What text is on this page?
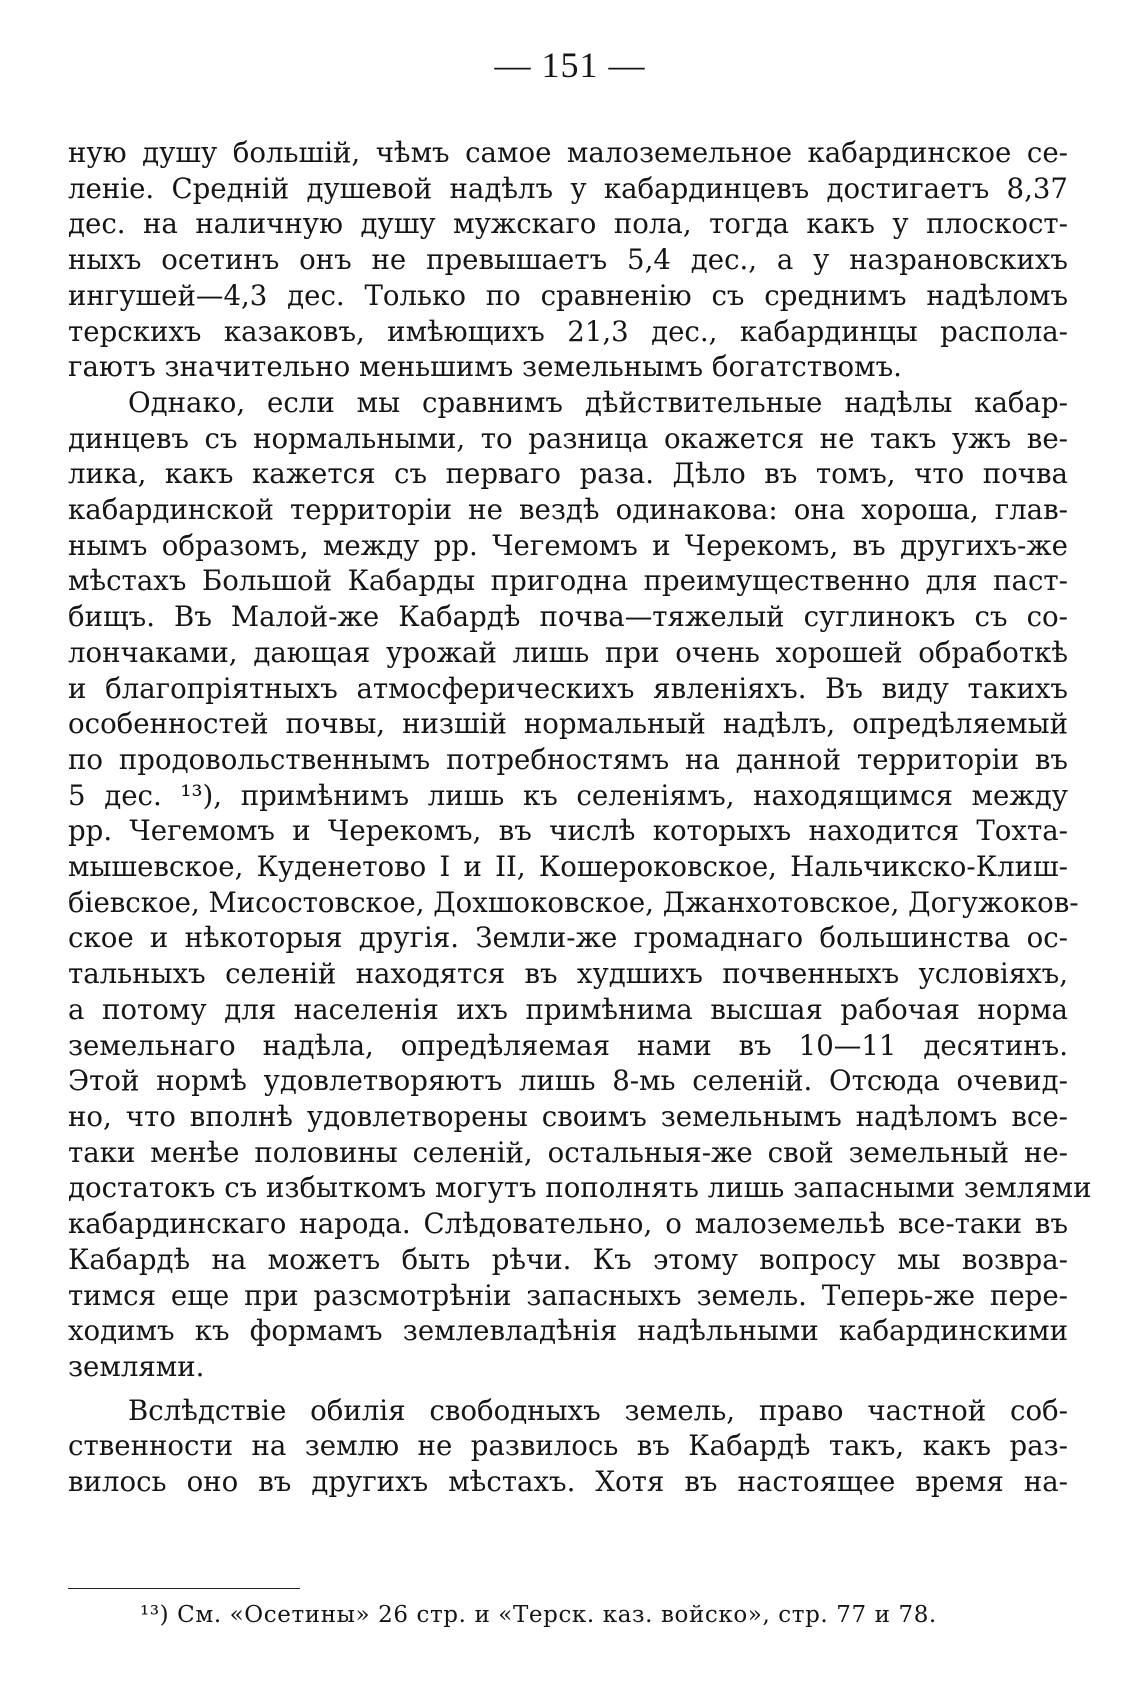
— 151 —
ную душу большій, чѣмъ самое малоземельное кабардинское се-
леніе. Средній душевой надѣлъ у кабардинцевъ достигаетъ 8,37
дес. на наличную душу мужскаго пола, тогда какъ у плоскост-
ныхъ осетинъ онъ не превышаетъ 5,4 дес., а у назрановскихъ
ингушей—4,3 дес. Только по сравненію съ среднимъ надѣломъ
терскихъ казаковъ, имѣющихъ 21,3 дес., кабардинцы распола-
гаютъ значительно меньшимъ земельнымъ богатствомъ.
Однако, если мы сравнимъ дѣйствительные надѣлы кабар-
динцевъ съ нормальными, то разница окажется не такъ ужъ ве-
лика, какъ кажется съ перваго раза. Дѣло въ томъ, что почва
кабардинской территоріи не вездѣ одинакова: она хороша, глав-
нымъ образомъ, между рр. Чегемомъ и Черекомъ, въ другихъ-же
мѣстахъ Большой Кабарды пригодна преимущественно для паст-
бищъ. Въ Малой-же Кабардѣ почва—тяжелый суглинокъ съ со-
лончаками, дающая урожай лишь при очень хорошей обработкѣ
и благопріятныхъ атмосферическихъ явленіяхъ. Въ виду такихъ
особенностей почвы, низшій нормальный надѣлъ, опредѣляемый
по продовольственнымъ потребностямъ на данной территоріи въ
5 дес. ¹³), примѣнимъ лишь къ селеніямъ, находящимся между
рр. Чегемомъ и Черекомъ, въ числѣ которыхъ находится Тохта-
мышевское, Куденетово I и II, Кошероковское, Нальчикско-Клиш-
біевское, Мисостовское, Дохшоковское, Джанхотовское, Догужоков-
ское и нѣкоторыя другія. Земли-же громаднаго большинства ос-
тальныхъ селеній находятся въ худшихъ почвенныхъ условіяхъ,
а потому для населенія ихъ примѣнима высшая рабочая норма
земельнаго надѣла, опредѣляемая нами въ 10—11 десятинъ.
Этой нормѣ удовлетворяютъ лишь 8-мь селеній. Отсюда очевид-
но, что вполнѣ удовлетворены своимъ земельнымъ надѣломъ все-
таки менѣе половины селеній, остальныя-же свой земельный не-
достатокъ съ избыткомъ могутъ пополнять лишь запасными землями
кабардинскаго народа. Слѣдовательно, о малоземельѣ все-таки въ
Кабардѣ на можетъ быть рѣчи. Къ этому вопросу мы возвра-
тимся еще при разсмотрѣніи запасныхъ земель. Теперь-же пере-
ходимъ къ формамъ землевладѣнія надѣльными кабардинскими
землями.
Вслѣдствіе обилія свободныхъ земель, право частной соб-
ственности на землю не развилось въ Кабардѣ такъ, какъ раз-
вилось оно въ другихъ мѣстахъ. Хотя въ настоящее время на-
¹³) См. «Осетины» 26 стр. и «Терск. каз. войско», стр. 77 и 78.
